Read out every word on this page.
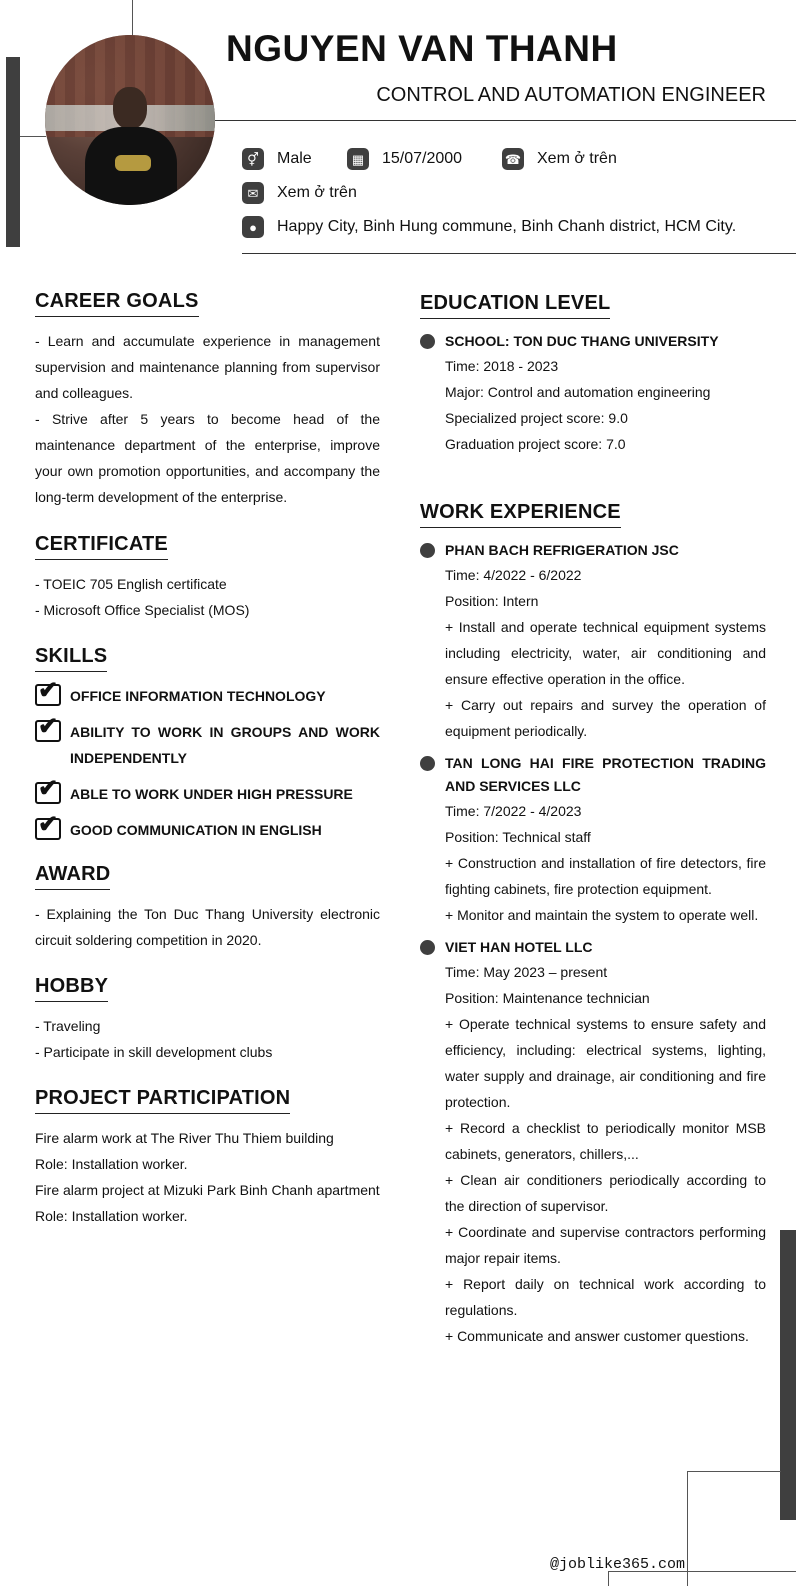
NGUYEN VAN THANH
CONTROL AND AUTOMATION ENGINEER
⚥	Male	▦	15/07/2000	☎ Xem ở trên
✉	Xem ở trên
●	Happy City, Binh Hung commune, Binh Chanh district, HCM City.
CAREER GOALS
- Learn and accumulate experience in management supervision and maintenance planning from supervisor and colleagues.
- Strive after 5 years to become head of the maintenance department of the enterprise, improve your own promotion opportunities, and accompany the long-term development of the enterprise.
CERTIFICATE
- TOEIC 705 English certificate
- Microsoft Office Specialist (MOS)
SKILLS
✔ OFFICE INFORMATION TECHNOLOGY
✔ ABILITY TO WORK IN GROUPS AND WORK INDEPENDENTLY
✔ ABLE TO WORK UNDER HIGH PRESSURE
✔ GOOD COMMUNICATION IN ENGLISH
AWARD
- Explaining the Ton Duc Thang University electronic circuit soldering competition in 2020.
HOBBY
- Traveling
- Participate in skill development clubs
PROJECT PARTICIPATION
Fire alarm work at The River Thu Thiem building
Role: Installation worker.
Fire alarm project at Mizuki Park Binh Chanh apartment
Role: Installation worker.
EDUCATION LEVEL
SCHOOL: TON DUC THANG UNIVERSITY
Time: 2018 - 2023
Major: Control and automation engineering
Specialized project score: 9.0
Graduation project score: 7.0
WORK EXPERIENCE
PHAN BACH REFRIGERATION JSC
Time: 4/2022 - 6/2022
Position: Intern
+ Install and operate technical equipment systems including electricity, water, air conditioning and ensure effective operation in the office.
+ Carry out repairs and survey the operation of equipment periodically.
TAN LONG HAI FIRE PROTECTION TRADING AND SERVICES LLC
Time: 7/2022 - 4/2023
Position: Technical staff
+ Construction and installation of fire detectors, fire fighting cabinets, fire protection equipment.
+ Monitor and maintain the system to operate well.
VIET HAN HOTEL LLC
Time: May 2023 – present
Position: Maintenance technician
+ Operate technical systems to ensure safety and efficiency, including: electrical systems, lighting, water supply and drainage, air conditioning and fire protection.
+ Record a checklist to periodically monitor MSB cabinets, generators, chillers,...
+ Clean air conditioners periodically according to the direction of supervisor.
+ Coordinate and supervise contractors performing major repair items.
+ Report daily on technical work according to regulations.
+ Communicate and answer customer questions.
@joblike365.com
